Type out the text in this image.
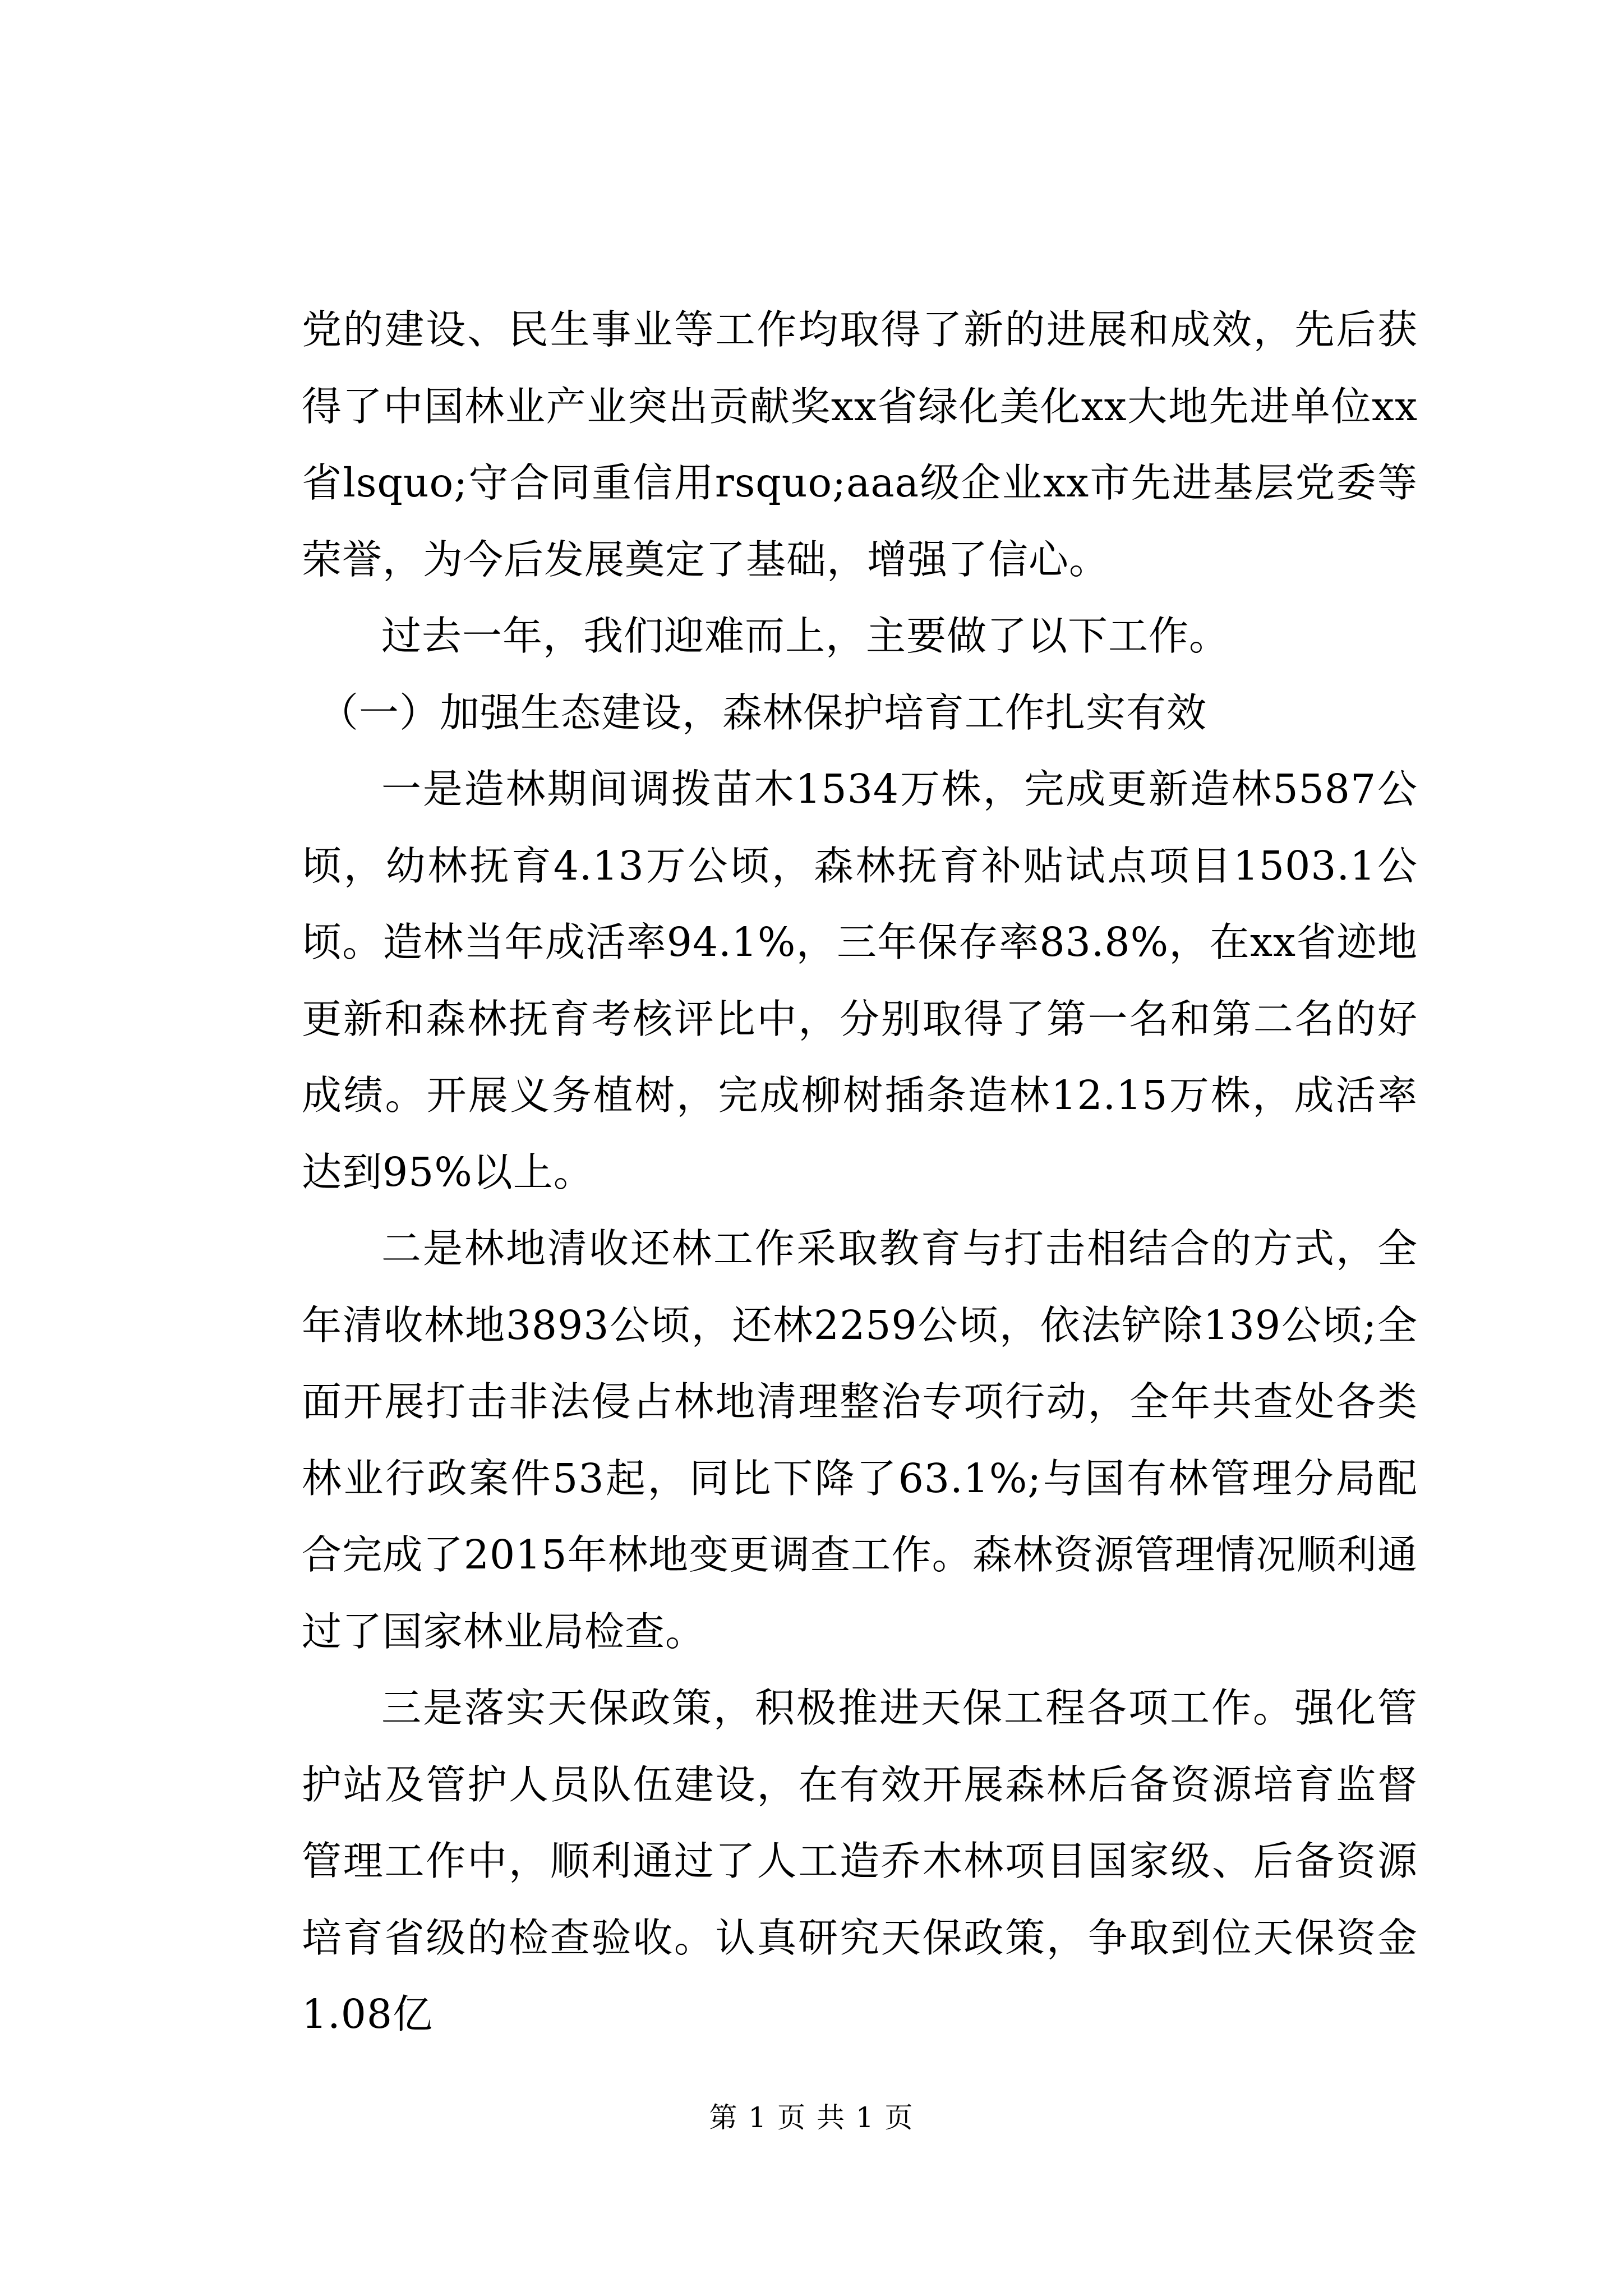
党的建设、民生事业等工作均取得了新的进展和成效，先后获得了中国林业产业突出贡献奖xx省绿化美化xx大地先进单位xx省lsquo;守合同重信用rsquo;aaa级企业xx市先进基层党委等荣誉，为今后发展奠定了基础，增强了信心。

过去一年，我们迎难而上，主要做了以下工作。

（一）加强生态建设，森林保护培育工作扎实有效

一是造林期间调拨苗木1534万株，完成更新造林5587公顷，幼林抚育4.13万公顷，森林抚育补贴试点项目1503.1公顷。造林当年成活率94.1%，三年保存率83.8%，在xx省迹地更新和森林抚育考核评比中，分别取得了第一名和第二名的好成绩。开展义务植树，完成柳树插条造林12.15万株，成活率达到95%以上。

二是林地清收还林工作采取教育与打击相结合的方式，全年清收林地3893公顷，还林2259公顷，依法铲除139公顷;全面开展打击非法侵占林地清理整治专项行动，全年共查处各类林业行政案件53起，同比下降了63.1%;与国有林管理分局配合完成了2015年林地变更调查工作。森林资源管理情况顺利通过了国家林业局检查。

三是落实天保政策，积极推进天保工程各项工作。强化管护站及管护人员队伍建设，在有效开展森林后备资源培育监督管理工作中，顺利通过了人工造乔木林项目国家级、后备资源培育省级的检查验收。认真研究天保政策，争取到位天保资金1.08亿

第 1 页 共 1 页
